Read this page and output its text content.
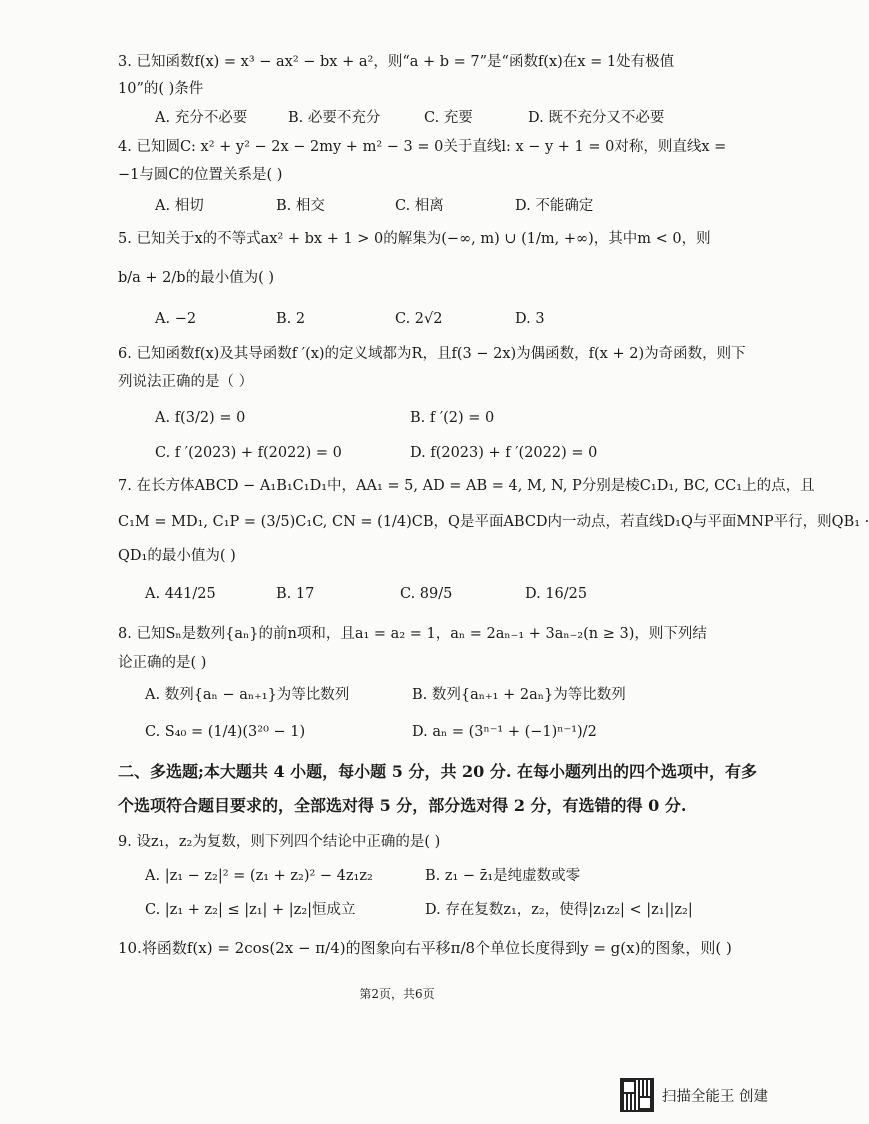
3. 已知函数f(x) = x³ − ax² − bx + a²，则“a + b = 7”是“函数f(x)在x = 1处有极值
10”的( )条件
A. 充分不必要	B. 必要不充分	C. 充要	D. 既不充分又不必要
4. 已知圆C: x² + y² − 2x − 2my + m² − 3 = 0关于直线l: x − y + 1 = 0对称，则直线x =
−1与圆C的位置关系是( )
A. 相切	B. 相交	C. 相离	D. 不能确定
5. 已知关于x的不等式ax² + bx + 1 > 0的解集为(−∞, m) ∪ (1/m, +∞)，其中m < 0，则
b/a + 2/b的最小值为( )
A. −2	B. 2	C. 2√2	D. 3
6. 已知函数f(x)及其导函数f ′(x)的定义域都为R，且f(3 − 2x)为偶函数，f(x + 2)为奇函数，则下
列说法正确的是（ ）
A. f(3/2) = 0	B. f ′(2) = 0
C. f ′(2023) + f(2022) = 0	D. f(2023) + f ′(2022) = 0
7. 在长方体ABCD − A₁B₁C₁D₁中，AA₁ = 5, AD = AB = 4, M, N, P分别是棱C₁D₁, BC, CC₁上的点，且
C₁M = MD₁, C₁P = (3/5)C₁C, CN = (1/4)CB，Q是平面ABCD内一动点，若直线D₁Q与平面MNP平行，则QB₁ ·
QD₁的最小值为( )
A. 441/25	B. 17	C. 89/5	D. 16/25
8. 已知Sₙ是数列{aₙ}的前n项和，且a₁ = a₂ = 1，aₙ = 2aₙ₋₁ + 3aₙ₋₂(n ≥ 3)，则下列结
论正确的是( )
A. 数列{aₙ − aₙ₊₁}为等比数列	B. 数列{aₙ₊₁ + 2aₙ}为等比数列
C. S₄₀ = (1/4)(3²⁰ − 1)	D. aₙ = (3ⁿ⁻¹ + (−1)ⁿ⁻¹)/2
二、多选题;本大题共 4 小题，每小题 5 分，共 20 分. 在每小题列出的四个选项中，有多
个选项符合题目要求的，全部选对得 5 分，部分选对得 2 分，有选错的得 0 分.
9. 设z₁，z₂为复数，则下列四个结论中正确的是( )
A. |z₁ − z₂|² = (z₁ + z₂)² − 4z₁z₂	B. z₁ − z̄₁是纯虚数或零
C. |z₁ + z₂| ≤ |z₁| + |z₂|恒成立	D. 存在复数z₁，z₂，使得|z₁z₂| < |z₁||z₂|
10.将函数f(x) = 2cos(2x − π/4)的图象向右平移π/8个单位长度得到y = g(x)的图象，则( )
第2页，共6页
扫描全能王 创建
